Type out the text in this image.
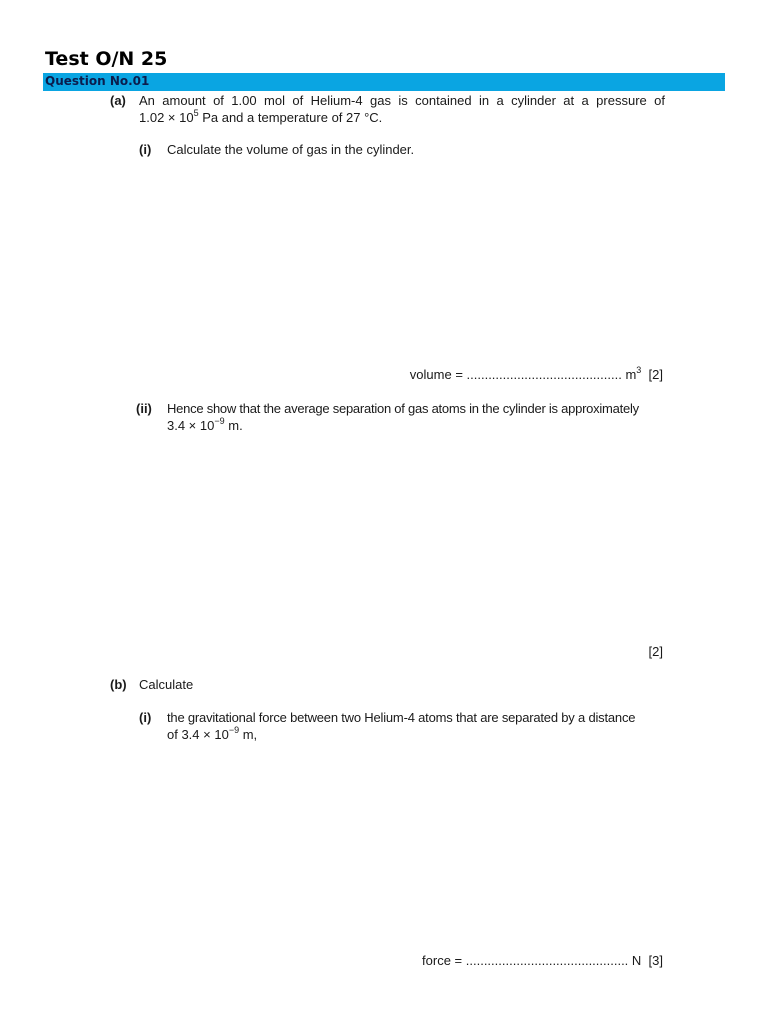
Test O/N 25
Question No.01
(a) An amount of 1.00 mol of Helium-4 gas is contained in a cylinder at a pressure of
$1.02 \times 10^5$ Pa and a temperature of 27 °C.
(i) Calculate the volume of gas in the cylinder.
volume = ........................................... $m^3$ [2]
(ii) Hence show that the average separation of gas atoms in the cylinder is approximately
$3.4 \times 10^{-9}$ m.
[2]
(b) Calculate
(i) the gravitational force between two Helium-4 atoms that are separated by a distance
of $3.4 \times 10^{-9}$ m,
force = ............................................. N [3]
